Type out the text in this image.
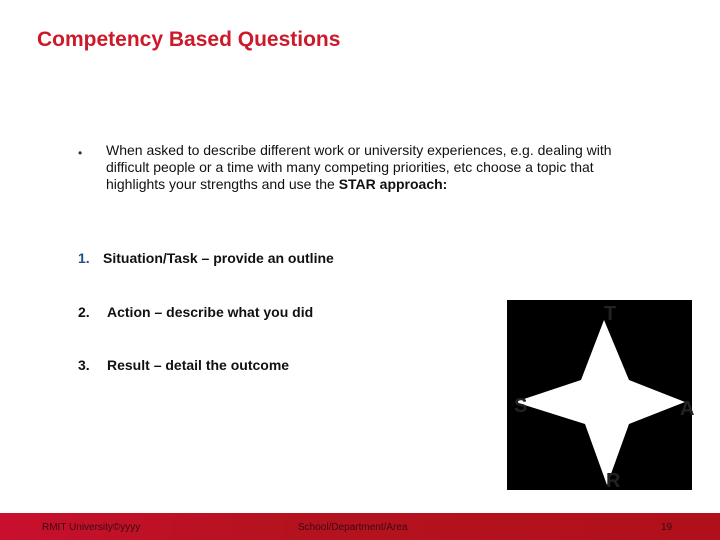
Competency Based Questions
• When asked to describe different work or university experiences, e.g. dealing with difficult people or a time with many competing priorities, etc choose a topic that highlights your strengths and use the STAR approach:
1. Situation/Task – provide an outline
2. Action – describe what you did
3. Result – detail the outcome
T
S	A
R
RMIT University©yyyy	School/Department/Area	19
